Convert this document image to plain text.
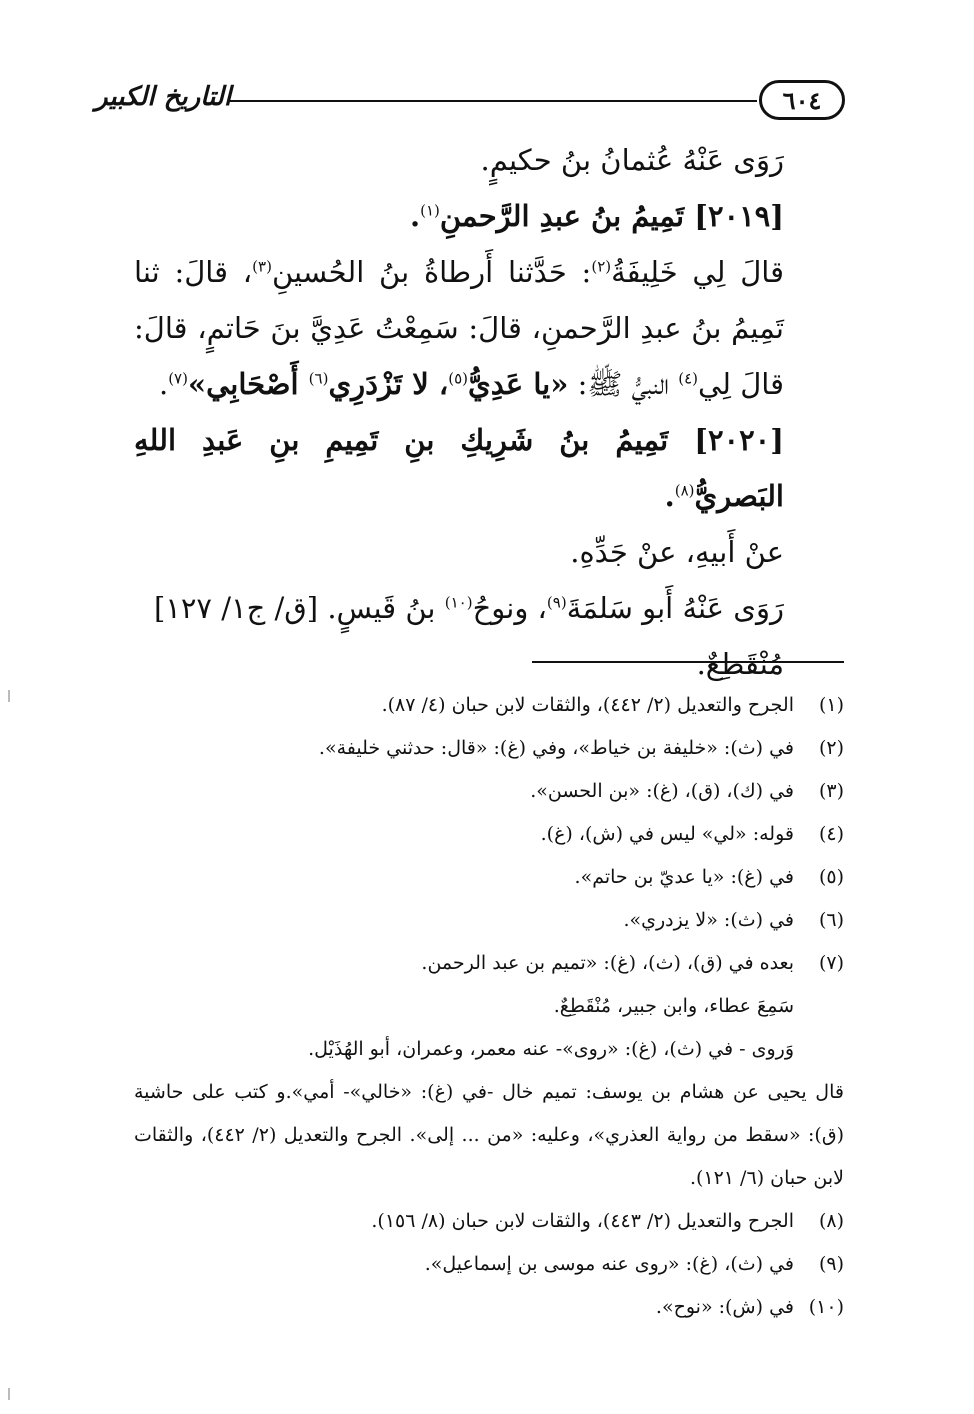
٦٠٤
التاريخ الكبير

رَوَى عَنْهُ عُثمانُ بنُ حكيمٍ.

[٢٠١٩] تَمِيمُ بنُ عبدِ الرَّحمنِ$^{(١)}$.

قالَ لِي خَلِيفَةُ$^{(٢)}$: حَدَّثنا أَرطاةُ بنُ الحُسينِ$^{(٣)}$، قالَ: ثنا تَمِيمُ بنُ عبدِ الرَّحمنِ، قالَ: سَمِعْتُ عَدِيَّ بنَ حَاتمٍ، قالَ: قالَ لِي$^{(٤)}$ النبيُّ ﷺ: «يا عَدِيُّ$^{(٥)}$، لا تَزْدَرِي$^{(٦)}$ أَصْحَابِي»$^{(٧)}$.

[٢٠٢٠] تَمِيمُ بنُ شَرِيكِ بنِ تَمِيمِ بنِ عَبدِ اللهِ البَصريُّ$^{(٨)}$.

عنْ أَبيهِ، عنْ جَدِّهِ.

رَوَى عَنْهُ أَبو سَلمَةَ$^{(٩)}$، ونوحُ$^{(١٠)}$ بنُ قَيسٍ. [ق/ ج١/ ١٢٧]

مُنْقَطِعٌ.

(١)
الجرح والتعديل (٢/ ٤٤٢)، والثقات لابن حبان (٤/ ٨٧).
(٢)
في (ث): «خليفة بن خياط»، وفي (غ): «قال: حدثني خليفة».
(٣)
في (ك)، (ق)، (غ): «بن الحسن».
(٤)
قوله: «لي» ليس في (ش)، (غ).
(٥)
في (غ): «يا عديّ بن حاتم».
(٦)
في (ث): «لا يزدري».
(٧)
بعده في (ق)، (ث)، (غ): «تميم بن عبد الرحمن.
سَمِعَ عطاء، وابن جبير، مُنْقَطِعٌ.
وَروى - في (ث)، (غ): «روى»- عنه معمر، وعمران، أبو الهُذَيْل.
قال يحيى عن هشام بن يوسف: تميم خال -في (غ): «خالي»- أمي».و كتب على حاشية (ق): «سقط من رواية العذري»، وعليه: «من ... إلى». الجرح والتعديل (٢/ ٤٤٢)، والثقات لابن حبان (٦/ ١٢١).
(٨)
الجرح والتعديل (٢/ ٤٤٣)، والثقات لابن حبان (٨/ ١٥٦).
(٩)
في (ث)، (غ): «روى عنه موسى بن إسماعيل».
(١٠)
في (ش): «نوح».
